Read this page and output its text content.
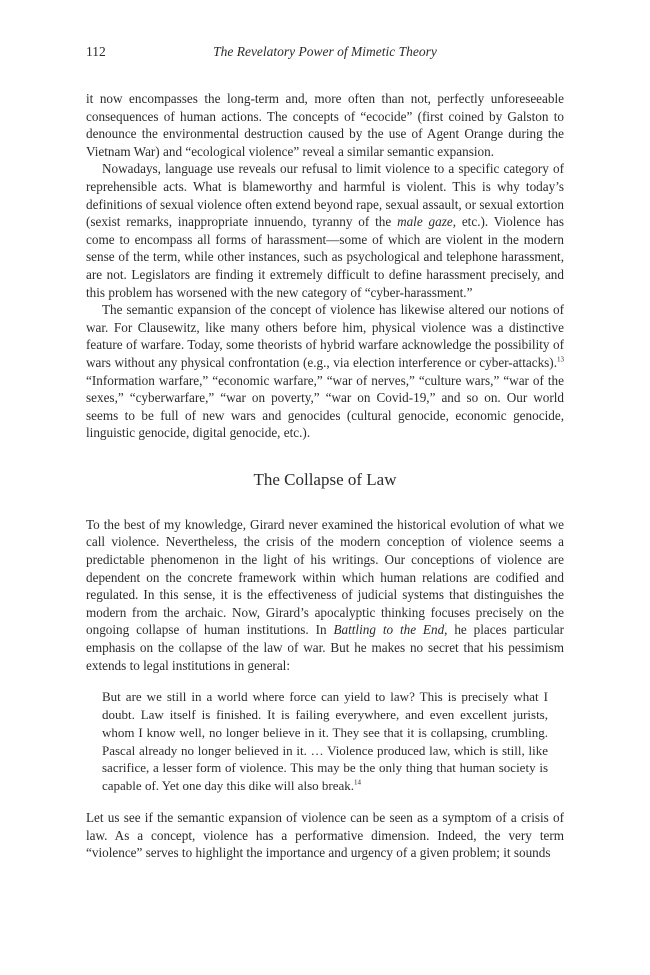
112	The Revelatory Power of Mimetic Theory

it now encompasses the long-term and, more often than not, perfectly unforeseeable consequences of human actions. The concepts of “ecocide” (first coined by Galston to denounce the environmental destruction caused by the use of Agent Orange during the Vietnam War) and “ecological violence” reveal a similar semantic expansion.

Nowadays, language use reveals our refusal to limit violence to a specific category of reprehensible acts. What is blameworthy and harmful is violent. This is why today’s definitions of sexual violence often extend beyond rape, sexual assault, or sexual extortion (sexist remarks, inappropriate innuendo, tyranny of the male gaze, etc.). Violence has come to encompass all forms of harassment—some of which are violent in the modern sense of the term, while other instances, such as psychological and telephone harassment, are not. Legislators are finding it extremely difficult to define harassment precisely, and this problem has worsened with the new category of “cyber-harassment.”

The semantic expansion of the concept of violence has likewise altered our notions of war. For Clausewitz, like many others before him, physical violence was a distinctive feature of warfare. Today, some theorists of hybrid warfare acknowledge the possibility of wars without any physical confrontation (e.g., via election interference or cyber-attacks).$^{13}$ “Information warfare,” “economic warfare,” “war of nerves,” “culture wars,” “war of the sexes,” “cyberwarfare,” “war on poverty,” “war on Covid-19,” and so on. Our world seems to be full of new wars and genocides (cultural genocide, economic genocide, linguistic genocide, digital genocide, etc.).

The Collapse of Law

To the best of my knowledge, Girard never examined the historical evolution of what we call violence. Nevertheless, the crisis of the modern conception of violence seems a predictable phenomenon in the light of his writings. Our conceptions of violence are dependent on the concrete framework within which human relations are codified and regulated. In this sense, it is the effectiveness of judicial systems that distinguishes the modern from the archaic. Now, Girard’s apocalyptic thinking focuses precisely on the ongoing collapse of human institutions. In Battling to the End, he places particular emphasis on the collapse of the law of war. But he makes no secret that his pessimism extends to legal institutions in general:

But are we still in a world where force can yield to law? This is precisely what I doubt. Law itself is finished. It is failing everywhere, and even excellent jurists, whom I know well, no longer believe in it. They see that it is collapsing, crumbling. Pascal already no longer believed in it. … Violence produced law, which is still, like sacrifice, a lesser form of violence. This may be the only thing that human society is capable of. Yet one day this dike will also break.$^{14}$

Let us see if the semantic expansion of violence can be seen as a symptom of a crisis of law. As a concept, violence has a performative dimension. Indeed, the very term “violence” serves to highlight the importance and urgency of a given problem; it sounds
